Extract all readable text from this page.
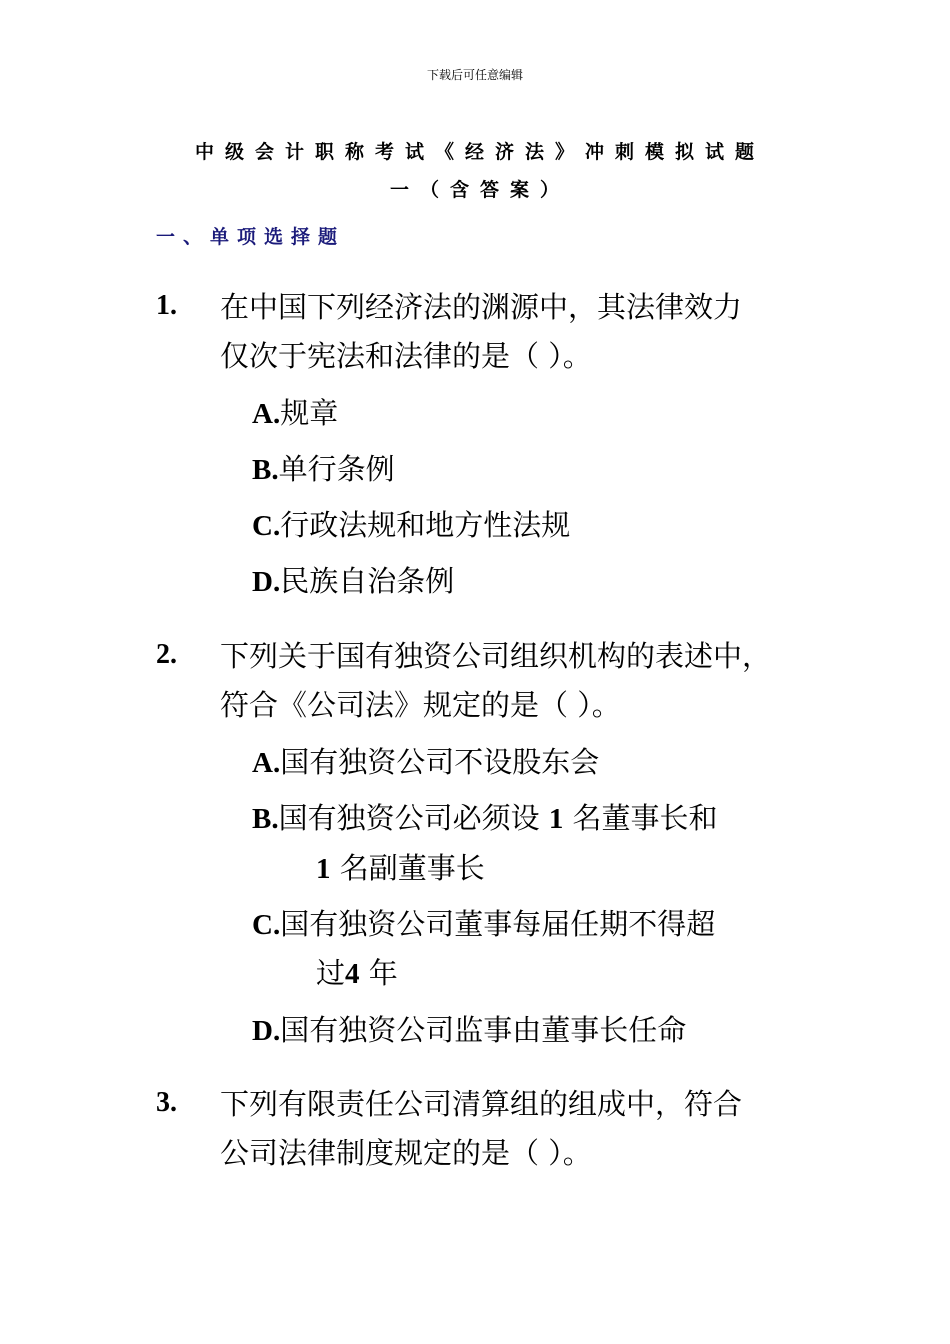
下载后可任意编辑
中级会计职称考试《经济法》冲刺模拟试题
一（含答案）
一、单项选择题
1. 在中国下列经济法的渊源中，其法律效力
仅次于宪法和法律的是（ ）。
A.规章
B.单行条例
C.行政法规和地方性法规
D.民族自治条例
2. 下列关于国有独资公司组织机构的表述中，
符合《公司法》规定的是（ ）。
A.国有独资公司不设股东会
B.国有独资公司必须设 1 名董事长和
1 名副董事长
C.国有独资公司董事每届任期不得超
过4 年
D.国有独资公司监事由董事长任命
3. 下列有限责任公司清算组的组成中，符合
公司法律制度规定的是（ ）。
